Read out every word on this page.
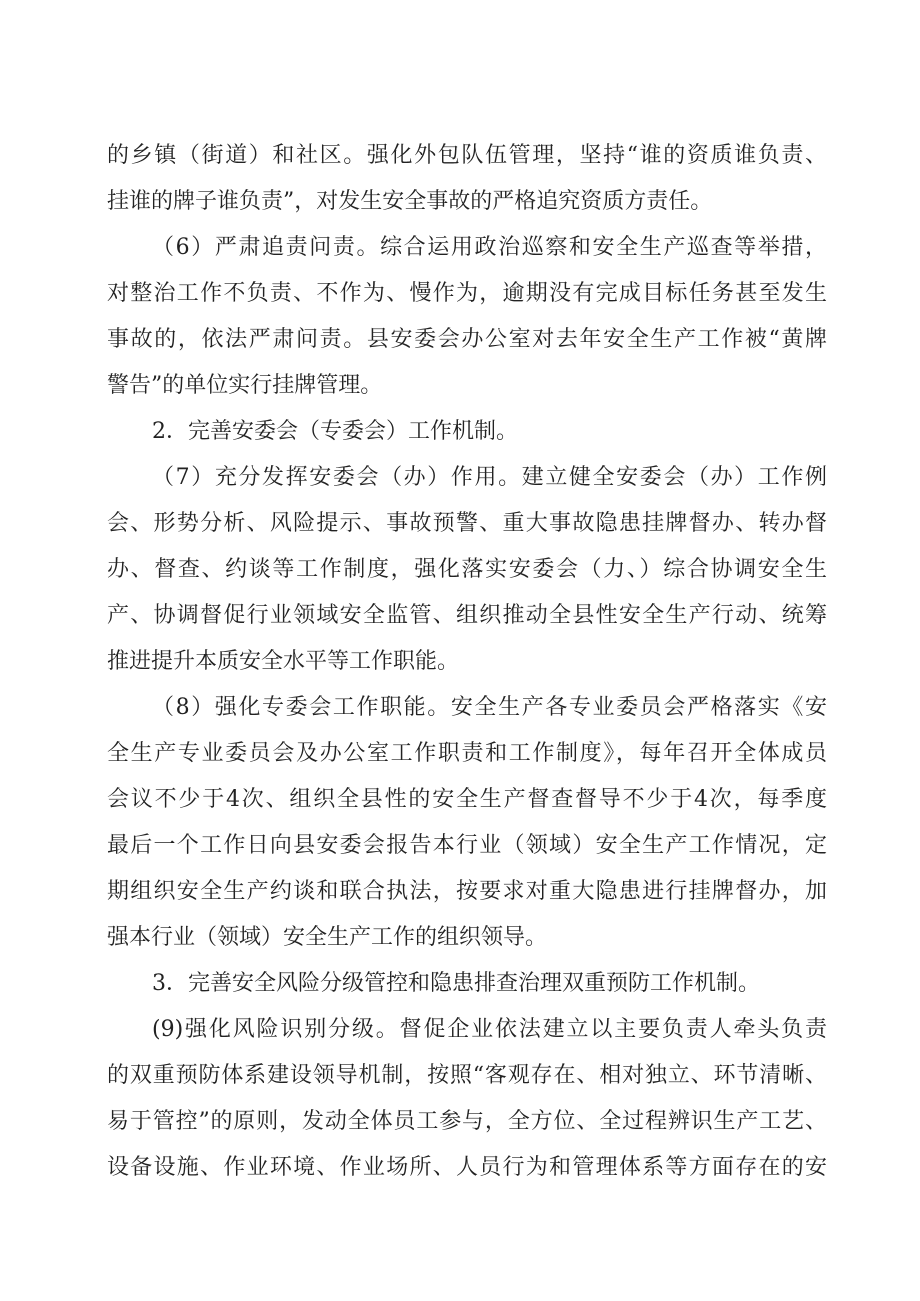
的乡镇（街道）和社区。强化外包队伍管理，坚持“谁的资质谁负责、
挂谁的牌子谁负责”，对发生安全事故的严格追究资质方责任。
（6）严肃追责问责。综合运用政治巡察和安全生产巡查等举措，
对整治工作不负责、不作为、慢作为，逾期没有完成目标任务甚至发生
事故的，依法严肃问责。县安委会办公室对去年安全生产工作被“黄牌
警告”的单位实行挂牌管理。
2．完善安委会（专委会）工作机制。
（7）充分发挥安委会（办）作用。建立健全安委会（办）工作例
会、形势分析、风险提示、事故预警、重大事故隐患挂牌督办、转办督
办、督查、约谈等工作制度，强化落实安委会（力、）综合协调安全生
产、协调督促行业领域安全监管、组织推动全县性安全生产行动、统筹
推进提升本质安全水平等工作职能。
（8）强化专委会工作职能。安全生产各专业委员会严格落实《安
全生产专业委员会及办公室工作职责和工作制度》，每年召开全体成员
会议不少于4次、组织全县性的安全生产督查督导不少于4次，每季度
最后一个工作日向县安委会报告本行业（领域）安全生产工作情况，定
期组织安全生产约谈和联合执法，按要求对重大隐患进行挂牌督办，加
强本行业（领域）安全生产工作的组织领导。
3．完善安全风险分级管控和隐患排查治理双重预防工作机制。
(9)强化风险识别分级。督促企业依法建立以主要负责人牵头负责
的双重预防体系建设领导机制，按照“客观存在、相对独立、环节清晰、
易于管控”的原则，发动全体员工参与，全方位、全过程辨识生产工艺、
设备设施、作业环境、作业场所、人员行为和管理体系等方面存在的安
